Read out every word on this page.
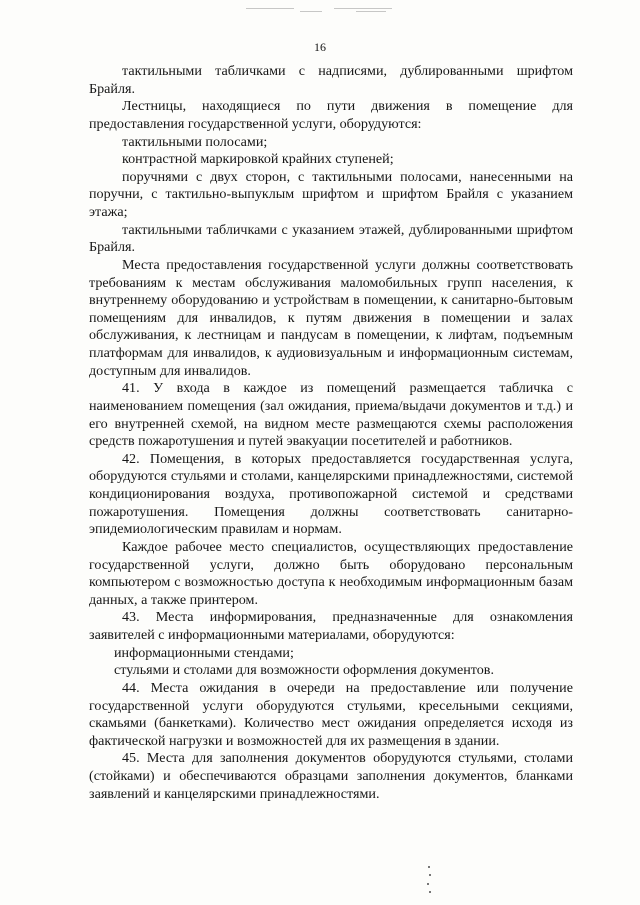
16

тактильными табличками с надписями, дублированными шрифтом Брайля.

Лестницы, находящиеся по пути движения в помещение для предоставления государственной услуги, оборудуются:

тактильными полосами;

контрастной маркировкой крайних ступеней;

поручнями с двух сторон, с тактильными полосами, нанесенными на поручни, с тактильно-выпуклым шрифтом и шрифтом Брайля с указанием этажа;

тактильными табличками с указанием этажей, дублированными шрифтом Брайля.

Места предоставления государственной услуги должны соответствовать требованиям к местам обслуживания маломобильных групп населения, к внутреннему оборудованию и устройствам в помещении, к санитарно-бытовым помещениям для инвалидов, к путям движения в помещении и залах обслуживания, к лестницам и пандусам в помещении, к лифтам, подъемным платформам для инвалидов, к аудиовизуальным и информационным системам, доступным для инвалидов.

41. У входа в каждое из помещений размещается табличка с наименованием помещения (зал ожидания, приема/выдачи документов и т.д.) и его внутренней схемой, на видном месте размещаются схемы расположения средств пожаротушения и путей эвакуации посетителей и работников.

42. Помещения, в которых предоставляется государственная услуга, оборудуются стульями и столами, канцелярскими принадлежностями, системой кондиционирования воздуха, противопожарной системой и средствами пожаротушения. Помещения должны соответствовать санитарно-эпидемиологическим правилам и нормам.

Каждое рабочее место специалистов, осуществляющих предоставление государственной услуги, должно быть оборудовано персональным компьютером с возможностью доступа к необходимым информационным базам данных, а также принтером.

43. Места информирования, предназначенные для ознакомления заявителей с информационными материалами, оборудуются:

информационными стендами;

стульями и столами для возможности оформления документов.

44. Места ожидания в очереди на предоставление или получение государственной услуги оборудуются стульями, кресельными секциями, скамьями (банкетками). Количество мест ожидания определяется исходя из фактической нагрузки и возможностей для их размещения в здании.

45. Места для заполнения документов оборудуются стульями, столами (стойками) и обеспечиваются образцами заполнения документов, бланками заявлений и канцелярскими принадлежностями.
